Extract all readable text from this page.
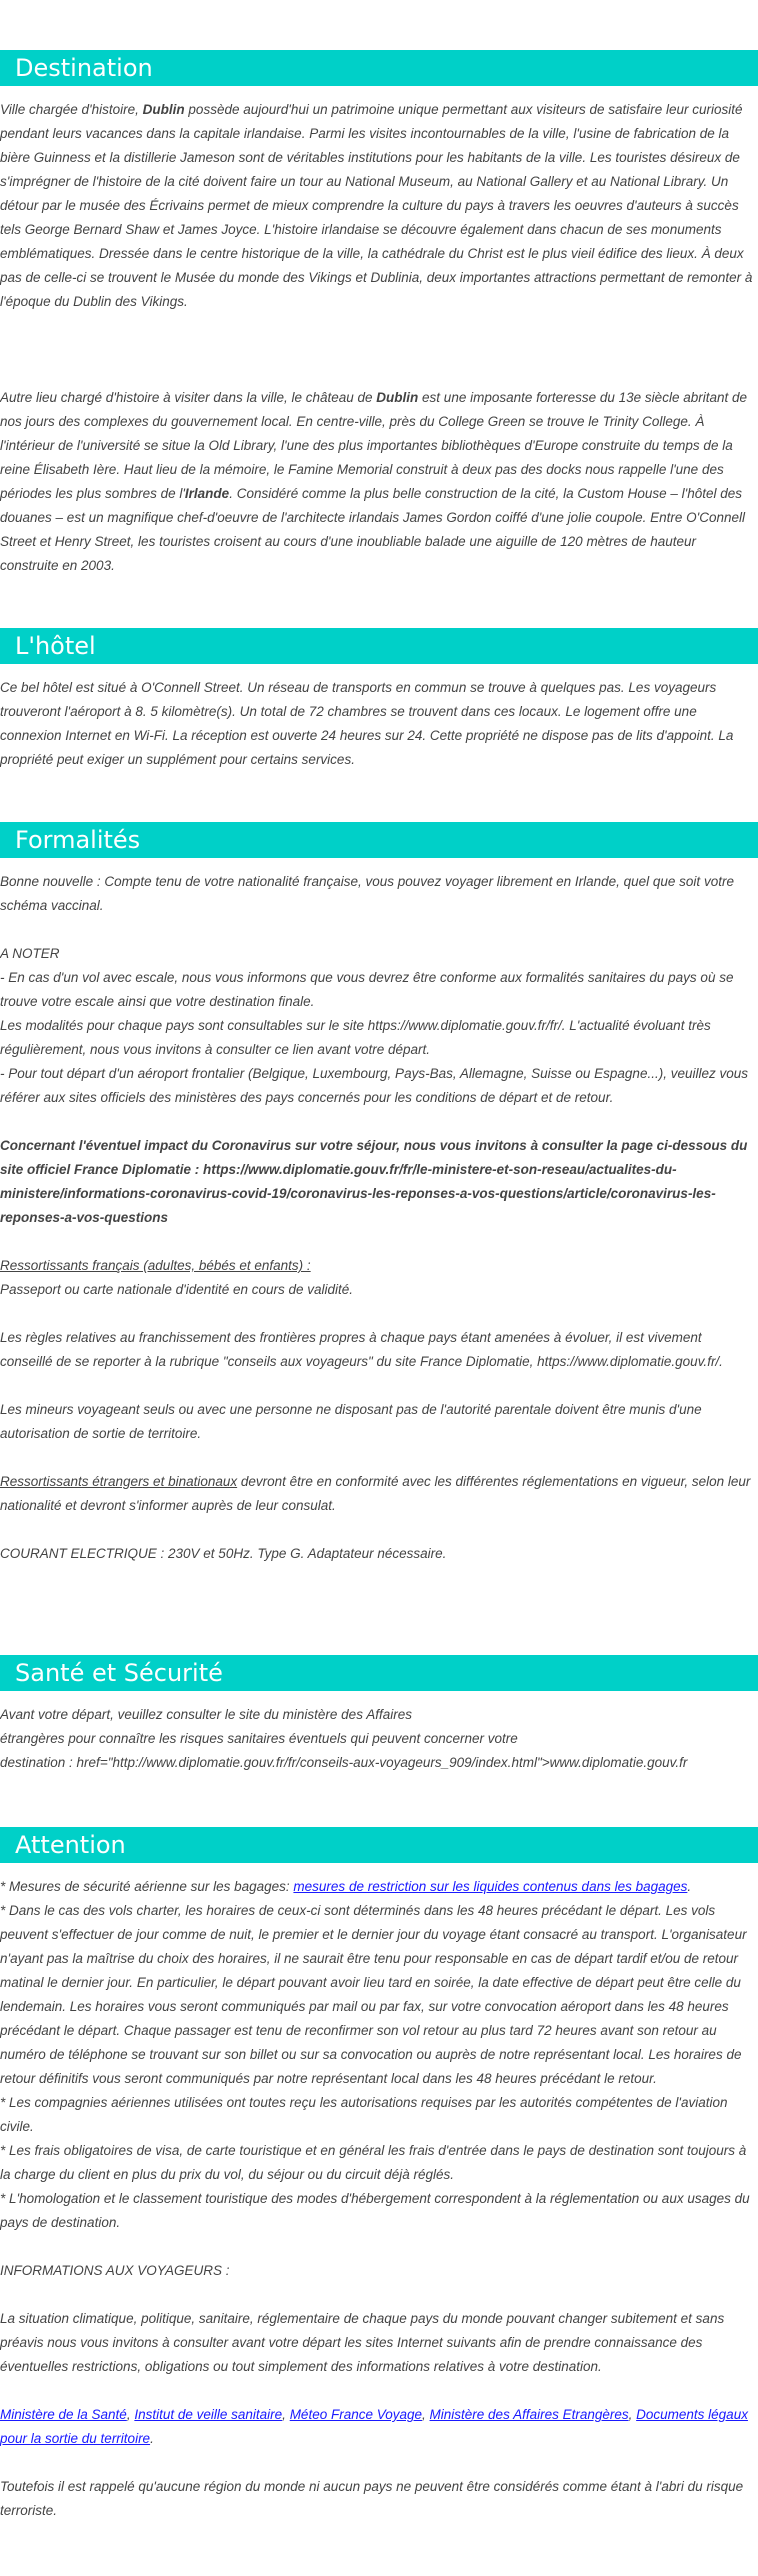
Destination

Ville chargée d'histoire, Dublin possède aujourd'hui un patrimoine unique permettant aux visiteurs de satisfaire leur curiosité pendant leurs vacances dans la capitale irlandaise. Parmi les visites incontournables de la ville, l'usine de fabrication de la bière Guinness et la distillerie Jameson sont de véritables institutions pour les habitants de la ville. Les touristes désireux de s'imprégner de l'histoire de la cité doivent faire un tour au National Museum, au National Gallery et au National Library. Un détour par le musée des Écrivains permet de mieux comprendre la culture du pays à travers les oeuvres d'auteurs à succès tels George Bernard Shaw et James Joyce. L'histoire irlandaise se découvre également dans chacun de ses monuments emblématiques. Dressée dans le centre historique de la ville, la cathédrale du Christ est le plus vieil édifice des lieux. À deux pas de celle-ci se trouvent le Musée du monde des Vikings et Dublinia, deux importantes attractions permettant de remonter à l'époque du Dublin des Vikings.

Autre lieu chargé d'histoire à visiter dans la ville, le château de Dublin est une imposante forteresse du 13e siècle abritant de nos jours des complexes du gouvernement local. En centre-ville, près du College Green se trouve le Trinity College. À l'intérieur de l'université se situe la Old Library, l'une des plus importantes bibliothèques d'Europe construite du temps de la reine Élisabeth Ière. Haut lieu de la mémoire, le Famine Memorial construit à deux pas des docks nous rappelle l'une des périodes les plus sombres de l'Irlande. Considéré comme la plus belle construction de la cité, la Custom House – l'hôtel des douanes – est un magnifique chef-d'oeuvre de l'architecte irlandais James Gordon coiffé d'une jolie coupole. Entre O'Connell Street et Henry Street, les touristes croisent au cours d'une inoubliable balade une aiguille de 120 mètres de hauteur construite en 2003.

L'hôtel

Ce bel hôtel est situé à O'Connell Street. Un réseau de transports en commun se trouve à quelques pas. Les voyageurs trouveront l'aéroport à 8. 5 kilomètre(s). Un total de 72 chambres se trouvent dans ces locaux. Le logement offre une connexion Internet en Wi-Fi. La réception est ouverte 24 heures sur 24. Cette propriété ne dispose pas de lits d'appoint. La propriété peut exiger un supplément pour certains services.

Formalités

Bonne nouvelle : Compte tenu de votre nationalité française, vous pouvez voyager librement en Irlande, quel que soit votre schéma vaccinal.

A NOTER

- En cas d'un vol avec escale, nous vous informons que vous devrez être conforme aux formalités sanitaires du pays où se trouve votre escale ainsi que votre destination finale.

Les modalités pour chaque pays sont consultables sur le site https://www.diplomatie.gouv.fr/fr/. L'actualité évoluant très régulièrement, nous vous invitons à consulter ce lien avant votre départ.

- Pour tout départ d'un aéroport frontalier (Belgique, Luxembourg, Pays-Bas, Allemagne, Suisse ou Espagne...), veuillez vous référer aux sites officiels des ministères des pays concernés pour les conditions de départ et de retour.

Concernant l'éventuel impact du Coronavirus sur votre séjour, nous vous invitons à consulter la page ci-dessous du site officiel France Diplomatie : https://www.diplomatie.gouv.fr/fr/le-ministere-et-son-reseau/actualites-du-ministere/informations-coronavirus-covid-19/coronavirus-les-reponses-a-vos-questions/article/coronavirus-les-reponses-a-vos-questions

Ressortissants français (adultes, bébés et enfants) :

Passeport ou carte nationale d'identité en cours de validité.

Les règles relatives au franchissement des frontières propres à chaque pays étant amenées à évoluer, il est vivement conseillé de se reporter à la rubrique "conseils aux voyageurs" du site France Diplomatie, https://www.diplomatie.gouv.fr/.

Les mineurs voyageant seuls ou avec une personne ne disposant pas de l'autorité parentale doivent être munis d'une autorisation de sortie de territoire.

Ressortissants étrangers et binationaux devront être en conformité avec les différentes réglementations en vigueur, selon leur nationalité et devront s'informer auprès de leur consulat.

COURANT ELECTRIQUE : 230V et 50Hz. Type G. Adaptateur nécessaire.

Santé et Sécurité

Avant votre départ, veuillez consulter le site du ministère des Affaires

étrangères pour connaître les risques sanitaires éventuels qui peuvent concerner votre

destination : href="http://www.diplomatie.gouv.fr/fr/conseils-aux-voyageurs_909/index.html">www.diplomatie.gouv.fr

Attention

* Mesures de sécurité aérienne sur les bagages: mesures de restriction sur les liquides contenus dans les bagages.

* Dans le cas des vols charter, les horaires de ceux-ci sont déterminés dans les 48 heures précédant le départ. Les vols peuvent s'effectuer de jour comme de nuit, le premier et le dernier jour du voyage étant consacré au transport. L'organisateur n'ayant pas la maîtrise du choix des horaires, il ne saurait être tenu pour responsable en cas de départ tardif et/ou de retour matinal le dernier jour. En particulier, le départ pouvant avoir lieu tard en soirée, la date effective de départ peut être celle du lendemain. Les horaires vous seront communiqués par mail ou par fax, sur votre convocation aéroport dans les 48 heures précédant le départ. Chaque passager est tenu de reconfirmer son vol retour au plus tard 72 heures avant son retour au numéro de téléphone se trouvant sur son billet ou sur sa convocation ou auprès de notre représentant local. Les horaires de retour définitifs vous seront communiqués par notre représentant local dans les 48 heures précédant le retour.

* Les compagnies aériennes utilisées ont toutes reçu les autorisations requises par les autorités compétentes de l'aviation civile.

* Les frais obligatoires de visa, de carte touristique et en général les frais d'entrée dans le pays de destination sont toujours à la charge du client en plus du prix du vol, du séjour ou du circuit déjà réglés.

* L'homologation et le classement touristique des modes d'hébergement correspondent à la réglementation ou aux usages du pays de destination.

INFORMATIONS AUX VOYAGEURS :

La situation climatique, politique, sanitaire, réglementaire de chaque pays du monde pouvant changer subitement et sans préavis nous vous invitons à consulter avant votre départ les sites Internet suivants afin de prendre connaissance des éventuelles restrictions, obligations ou tout simplement des informations relatives à votre destination.

Ministère de la Santé, Institut de veille sanitaire, Méteo France Voyage, Ministère des Affaires Etrangères, Documents légaux pour la sortie du territoire.

Toutefois il est rappelé qu'aucune région du monde ni aucun pays ne peuvent être considérés comme étant à l'abri du risque terroriste.
